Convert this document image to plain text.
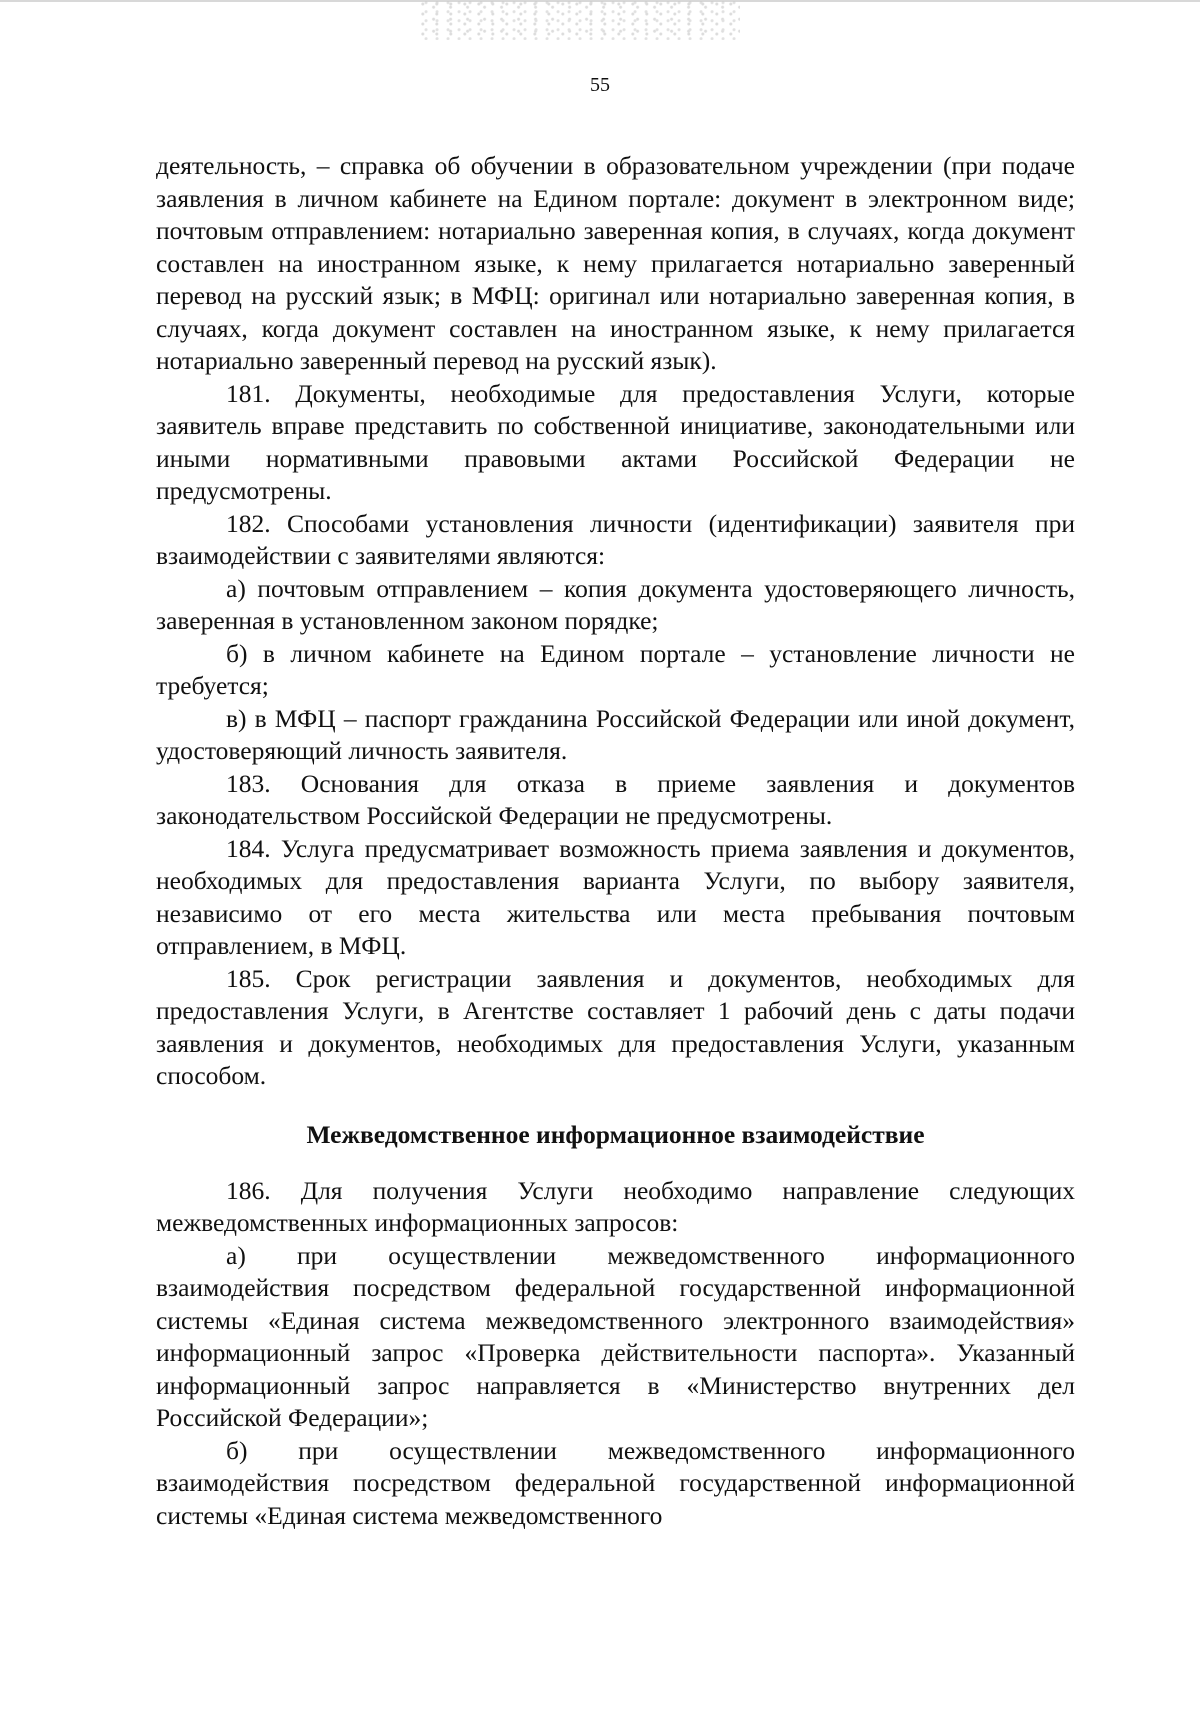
55

деятельность, – справка об обучении в образовательном учреждении (при подаче заявления в личном кабинете на Едином портале: документ в электронном виде; почтовым отправлением: нотариально заверенная копия, в случаях, когда документ составлен на иностранном языке, к нему прилагается нотариально заверенный перевод на русский язык; в МФЦ: оригинал или нотариально заверенная копия, в случаях, когда документ составлен на иностранном языке, к нему прилагается нотариально заверенный перевод на русский язык).

181. Документы, необходимые для предоставления Услуги, которые заявитель вправе представить по собственной инициативе, законодательными или иными нормативными правовыми актами Российской Федерации не предусмотрены.

182. Способами установления личности (идентификации) заявителя при взаимодействии с заявителями являются:

а) почтовым отправлением – копия документа удостоверяющего личность, заверенная в установленном законом порядке;

б) в личном кабинете на Едином портале – установление личности не требуется;

в) в МФЦ – паспорт гражданина Российской Федерации или иной документ, удостоверяющий личность заявителя.

183. Основания для отказа в приеме заявления и документов законодательством Российской Федерации не предусмотрены.

184. Услуга предусматривает возможность приема заявления и документов, необходимых для предоставления варианта Услуги, по выбору заявителя, независимо от его места жительства или места пребывания почтовым отправлением, в МФЦ.

185. Срок регистрации заявления и документов, необходимых для предоставления Услуги, в Агентстве составляет 1 рабочий день с даты подачи заявления и документов, необходимых для предоставления Услуги, указанным способом.

Межведомственное информационное взаимодействие

186. Для получения Услуги необходимо направление следующих межведомственных информационных запросов:

а) при осуществлении межведомственного информационного взаимодействия посредством федеральной государственной информационной системы «Единая система межведомственного электронного взаимодействия» информационный запрос «Проверка действительности паспорта». Указанный информационный запрос направляется в «Министерство внутренних дел Российской Федерации»;

б) при осуществлении межведомственного информационного взаимодействия посредством федеральной государственной информационной системы «Единая система межведомственного
